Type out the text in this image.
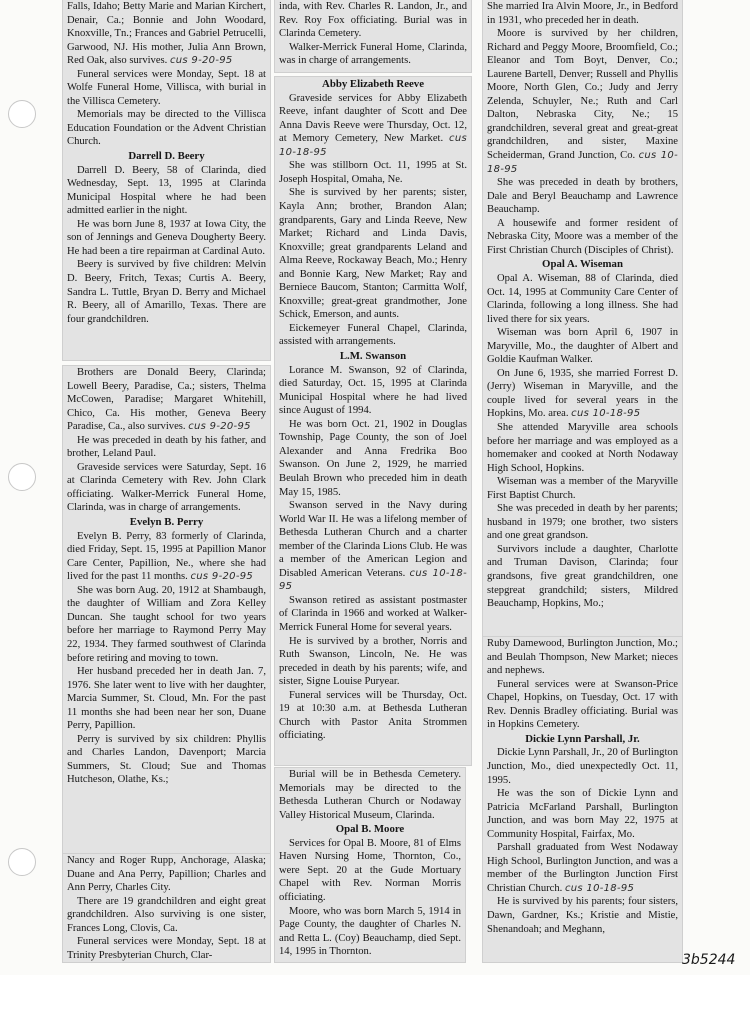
Falls, Idaho; Betty Marie and Marian Kirchert, Denair, Ca.; Bonnie and John Woodard, Knoxville, Tn.; Frances and Gabriel Petrucelli, Garwood, NJ. His mother, Julia Ann Brown, Red Oak, also survives. cus 9-20-95

Funeral services were Monday, Sept. 18 at Wolfe Funeral Home, Villisca, with burial in the Villisca Cemetery.

Memorials may be directed to the Villisca Education Foundation or the Advent Christian Church.

Darrell D. Beery

Darrell D. Beery, 58 of Clarinda, died Wednesday, Sept. 13, 1995 at Clarinda Municipal Hospital where he had been admitted earlier in the night.

He was born June 8, 1937 at Iowa City, the son of Jennings and Geneva Dougherty Beery. He had been a tire repairman at Cardinal Auto.

Beery is survived by five children: Melvin D. Beery, Fritch, Texas; Curtis A. Beery, Sandra L. Tuttle, Bryan D. Berry and Michael R. Beery, all of Amarillo, Texas. There are four grandchildren.

Brothers are Donald Beery, Clarinda; Lowell Beery, Paradise, Ca.; sisters, Thelma McCowen, Paradise; Margaret Whitehill, Chico, Ca. His mother, Geneva Beery Paradise, Ca., also survives. cus 9-20-95

He was preceded in death by his father, and brother, Leland Paul.

Graveside services were Saturday, Sept. 16 at Clarinda Cemetery with Rev. John Clark officiating. Walker-Merrick Funeral Home, Clarinda, was in charge of arrangements.

Evelyn B. Perry

Evelyn B. Perry, 83 formerly of Clarinda, died Friday, Sept. 15, 1995 at Papillion Manor Care Center, Papillion, Ne., where she had lived for the past 11 months. cus 9-20-95

She was born Aug. 20, 1912 at Shambaugh, the daughter of William and Zora Kelley Duncan. She taught school for two years before her marriage to Raymond Perry May 22, 1934. They farmed southwest of Clarinda before retiring and moving to town.

Her husband preceded her in death Jan. 7, 1976. She later went to live with her daughter, Marcia Summer, St. Cloud, Mn. For the past 11 months she had been near her son, Duane Perry, Papillion.

Perry is survived by six children: Phyllis and Charles Landon, Davenport; Marcia Summers, St. Cloud; Sue and Thomas Hutcheson, Olathe, Ks.;

Nancy and Roger Rupp, Anchorage, Alaska; Duane and Ana Perry, Papillion; Charles and Ann Perry, Charles City.

There are 19 grandchildren and eight great grandchildren. Also surviving is one sister, Frances Long, Clovis, Ca.

Funeral services were Monday, Sept. 18 at Trinity Presbyterian Church, Clar-

inda, with Rev. Charles R. Landon, Jr., and Rev. Roy Fox officiating. Burial was in Clarinda Cemetery.

Walker-Merrick Funeral Home, Clarinda, was in charge of arrangements.

Abby Elizabeth Reeve

Graveside services for Abby Elizabeth Reeve, infant daughter of Scott and Dee Anna Davis Reeve were Thursday, Oct. 12, at Memory Cemetery, New Market. cus 10-18-95

She was stillborn Oct. 11, 1995 at St. Joseph Hospital, Omaha, Ne.

She is survived by her parents; sister, Kayla Ann; brother, Brandon Alan; grandparents, Gary and Linda Reeve, New Market; Richard and Linda Davis, Knoxville; great grandparents Leland and Alma Reeve, Rockaway Beach, Mo.; Henry and Bonnie Karg, New Market; Ray and Berniece Baucom, Stanton; Carmitta Wolf, Knoxville; great-great grandmother, Jone Schick, Emerson, and aunts.

Eickemeyer Funeral Chapel, Clarinda, assisted with arrangements.

L.M. Swanson

Lorance M. Swanson, 92 of Clarinda, died Saturday, Oct. 15, 1995 at Clarinda Municipal Hospital where he had lived since August of 1994.

He was born Oct. 21, 1902 in Douglas Township, Page County, the son of Joel Alexander and Anna Fredrika Boo Swanson. On June 2, 1929, he married Beulah Brown who preceded him in death May 15, 1985.

Swanson served in the Navy during World War II. He was a lifelong member of Bethesda Lutheran Church and a charter member of the Clarinda Lions Club. He was a member of the American Legion and Disabled American Veterans. cus 10-18-95

Swanson retired as assistant postmaster of Clarinda in 1966 and worked at Walker-Merrick Funeral Home for several years.

He is survived by a brother, Norris and Ruth Swanson, Lincoln, Ne. He was preceded in death by his parents; wife, and sister, Signe Louise Puryear.

Funeral services will be Thursday, Oct. 19 at 10:30 a.m. at Bethesda Lutheran Church with Pastor Anita Strommen officiating.

Burial will be in Bethesda Cemetery. Memorials may be directed to the Bethesda Lutheran Church or Nodaway Valley Historical Museum, Clarinda.

Opal B. Moore

Services for Opal B. Moore, 81 of Elms Haven Nursing Home, Thornton, Co., were Sept. 20 at the Gude Mortuary Chapel with Rev. Norman Morris officiating.

Moore, who was born March 5, 1914 in Page County, the daughter of Charles N. and Retta L. (Coy) Beauchamp, died Sept. 14, 1995 in Thornton.

She married Ira Alvin Moore, Jr., in Bedford in 1931, who preceded her in death.

Moore is survived by her children, Richard and Peggy Moore, Broomfield, Co.; Eleanor and Tom Boyt, Denver, Co.; Laurene Bartell, Denver; Russell and Phyllis Moore, North Glen, Co.; Judy and Jerry Zelenda, Schuyler, Ne.; Ruth and Carl Dalton, Nebraska City, Ne.; 15 grandchildren, several great and great-great grandchildren, and sister, Maxine Scheiderman, Grand Junction, Co. cus 10-18-95

She was preceded in death by brothers, Dale and Beryl Beauchamp and Lawrence Beauchamp.

A housewife and former resident of Nebraska City, Moore was a member of the First Christian Church (Disciples of Christ).

Opal A. Wiseman

Opal A. Wiseman, 88 of Clarinda, died Oct. 14, 1995 at Community Care Center of Clarinda, following a long illness. She had lived there for six years.

Wiseman was born April 6, 1907 in Maryville, Mo., the daughter of Albert and Goldie Kaufman Walker.

On June 6, 1935, she married Forrest D. (Jerry) Wiseman in Maryville, and the couple lived for several years in the Hopkins, Mo. area. cus 10-18-95

She attended Maryville area schools before her marriage and was employed as a homemaker and cooked at North Nodaway High School, Hopkins.

Wiseman was a member of the Maryville First Baptist Church.

She was preceded in death by her parents; husband in 1979; one brother, two sisters and one great grandson.

Survivors include a daughter, Charlotte and Truman Davison, Clarinda; four grandsons, five great grandchildren, one stepgreat grandchild; sisters, Mildred Beauchamp, Hopkins, Mo.;

Ruby Damewood, Burlington Junction, Mo.; and Beulah Thompson, New Market; nieces and nephews.

Funeral services were at Swanson-Price Chapel, Hopkins, on Tuesday, Oct. 17 with Rev. Dennis Bradley officiating. Burial was in Hopkins Cemetery.

Dickie Lynn Parshall, Jr.

Dickie Lynn Parshall, Jr., 20 of Burlington Junction, Mo., died unexpectedly Oct. 11, 1995.

He was the son of Dickie Lynn and Patricia McFarland Parshall, Burlington Junction, and was born May 22, 1975 at Community Hospital, Fairfax, Mo.

Parshall graduated from West Nodaway High School, Burlington Junction, and was a member of the Burlington Junction First Christian Church. cus 10-18-95

He is survived by his parents; four sisters, Dawn, Gardner, Ks.; Kristie and Mistie, Shenandoah; and Meghann,

3b5244
